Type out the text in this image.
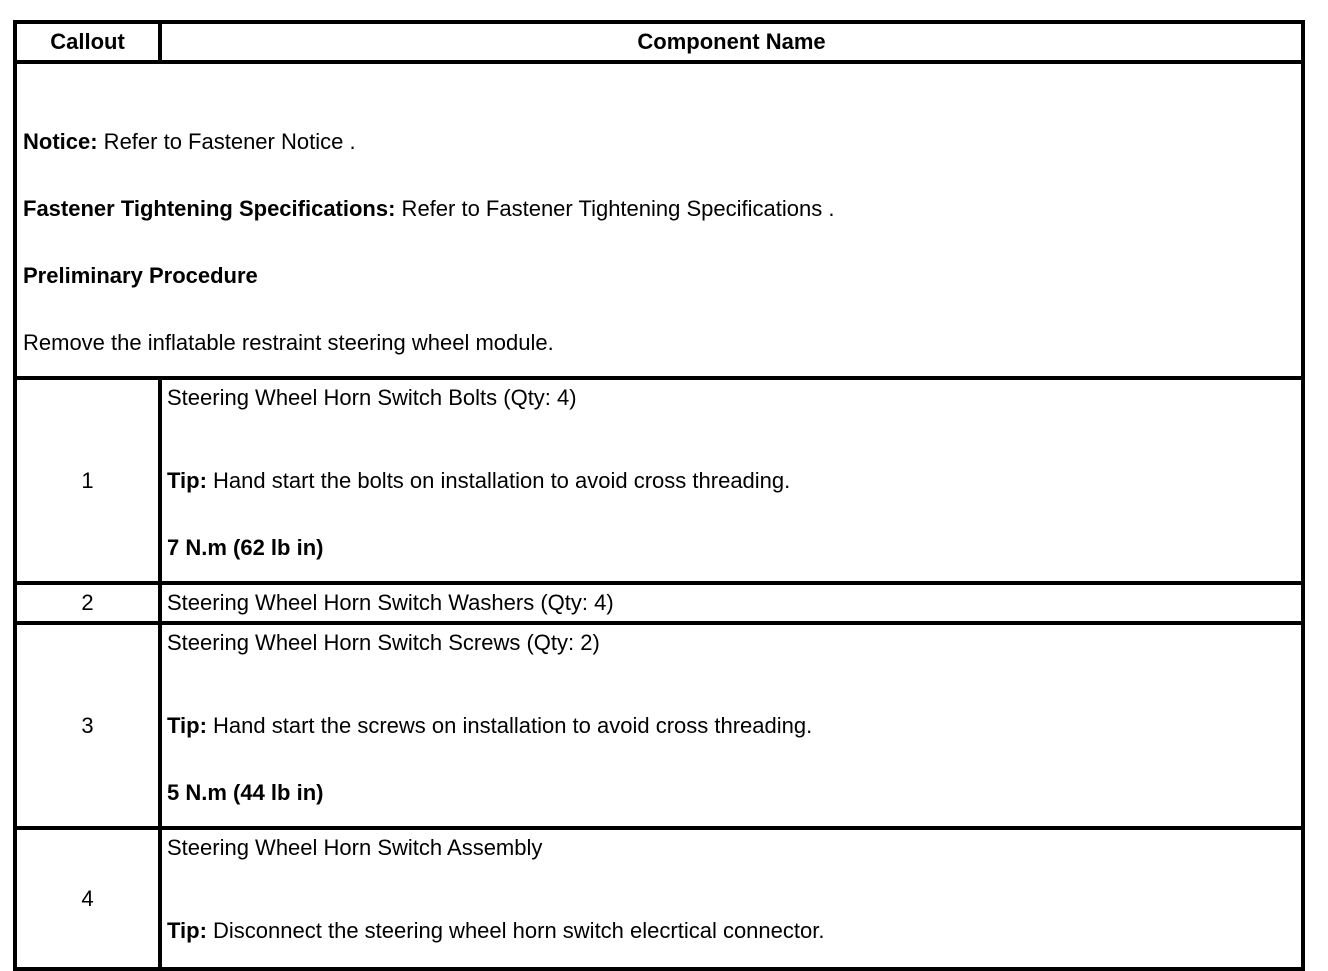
Callout	Component Name

Notice: Refer to Fastener Notice .
Fastener Tightening Specifications: Refer to Fastener Tightening Specifications .
Preliminary Procedure
Remove the inflatable restraint steering wheel module.	

1	Steering Wheel Horn Switch Bolts (Qty: 4)
Tip: Hand start the bolts on installation to avoid cross threading.
7 N.m (62 lb in)

2	Steering Wheel Horn Switch Washers (Qty: 4)

3	Steering Wheel Horn Switch Screws (Qty: 2)
Tip: Hand start the screws on installation to avoid cross threading.
5 N.m (44 lb in)

4	Steering Wheel Horn Switch Assembly
Tip: Disconnect the steering wheel horn switch elecrtical connector.
